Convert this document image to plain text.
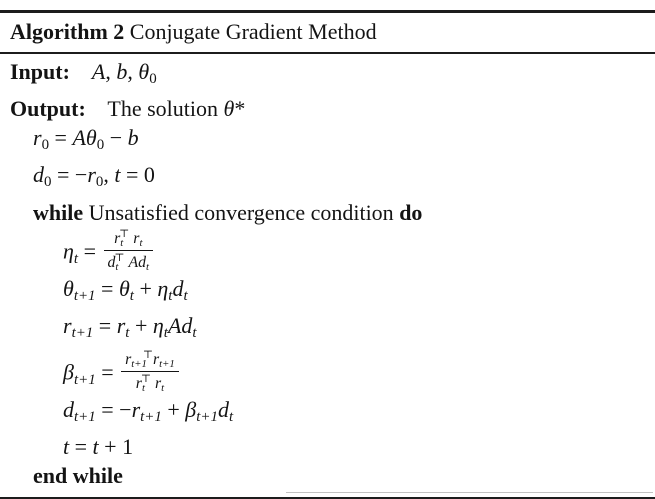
Algorithm 2 Conjugate Gradient Method
Input: A, b, $\theta_0$
Output:    The solution θ*
$r_0 = A\theta_0 - b$
$d_0 = -r_0$, t = 0
while Unsatisfied convergence condition do
$\eta_t = \frac{r_t^⊤ r_t}{d_t^⊤ Ad_t}$
$\theta_{t+1} = \theta_t + \eta_td_t$
$r_{t+1} = r_t + \eta_tAd_t$
$\beta_{t+1} = \frac{r_{t+1}^⊤r_{t+1}}{r_t^⊤ r_t}$
$d_{t+1} = -r_{t+1} + \beta_{t+1}d_t$
t = t + 1
end while
